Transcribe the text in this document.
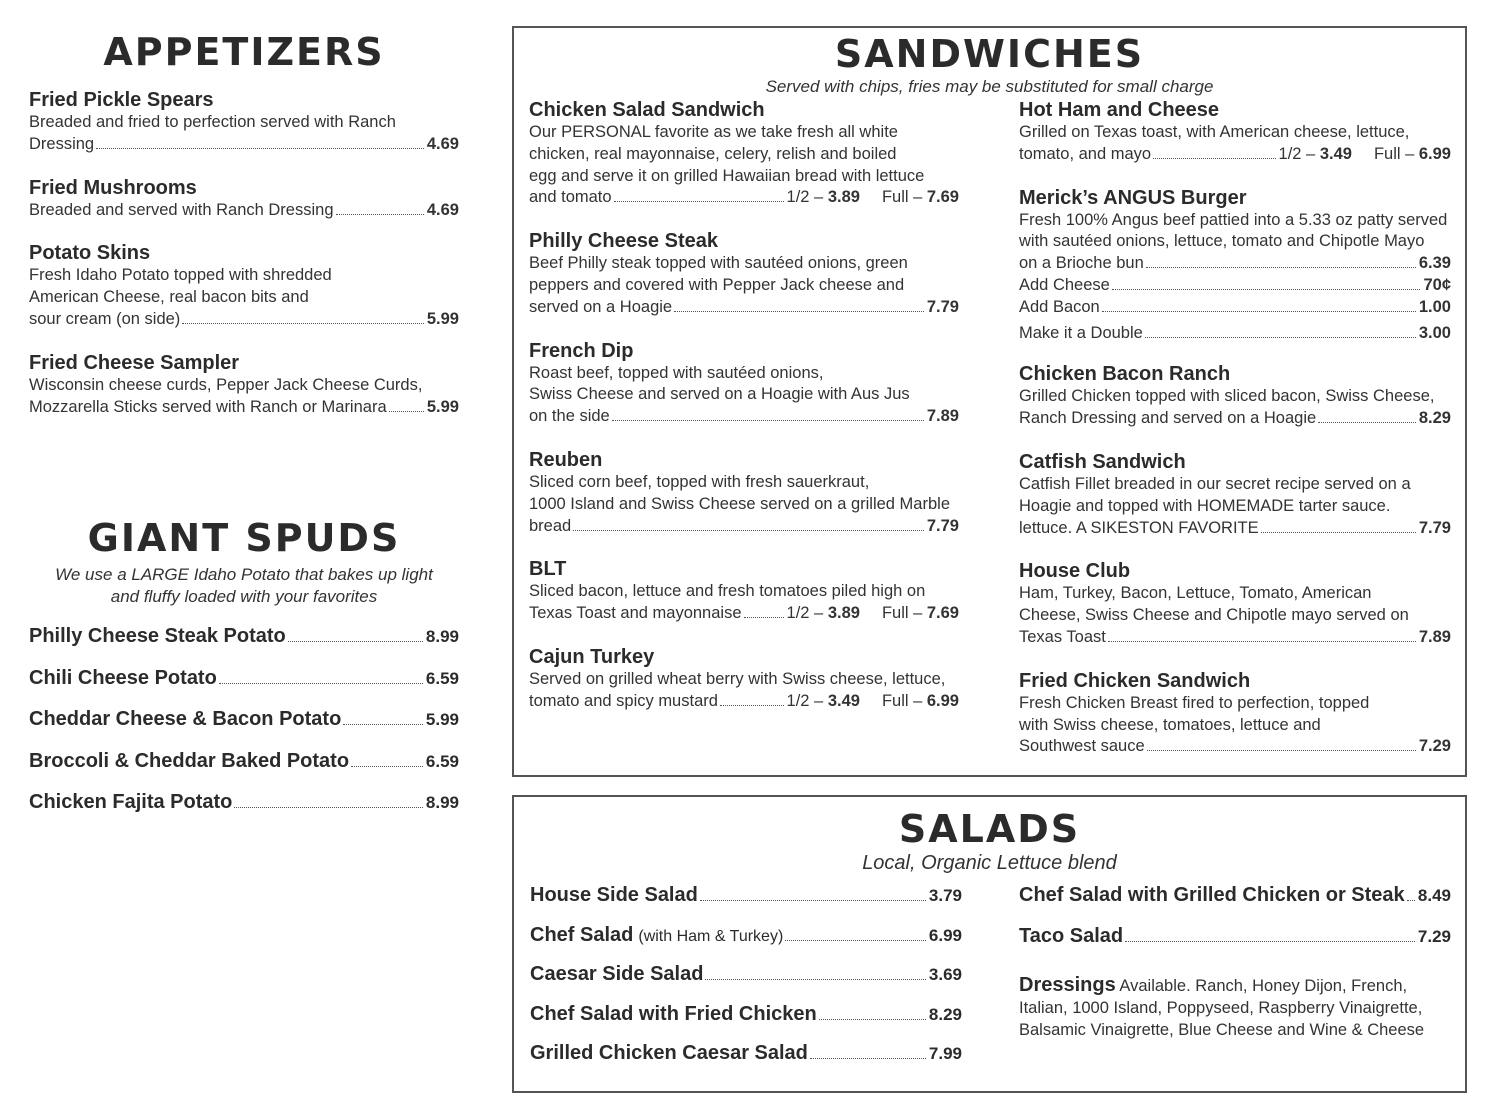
APPETIZERS
Fried Pickle Spears
Breaded and fried to perfection served with Ranch
Dressing	4.69
Fried Mushrooms
Breaded and served with Ranch Dressing	4.69
Potato Skins
Fresh Idaho Potato topped with shredded
American Cheese, real bacon bits and
sour cream (on side)	5.99
Fried Cheese Sampler
Wisconsin cheese curds, Pepper Jack Cheese Curds,
Mozzarella Sticks served with Ranch or Marinara 5.99
GIANT SPUDS
We use a LARGE Idaho Potato that bakes up light and fluffy loaded with your favorites
Philly Cheese Steak Potato	8.99
Chili Cheese Potato	6.59
Cheddar Cheese & Bacon Potato	5.99
Broccoli & Cheddar Baked Potato	6.59
Chicken Fajita Potato	8.99
SANDWICHES
Served with chips, fries may be substituted for small charge
Chicken Salad Sandwich
Our PERSONAL favorite as we take fresh all white
chicken, real mayonnaise, celery, relish and boiled
egg and serve it on grilled Hawaiian bread with lettuce
and tomato	1/2 – 3.89 Full – 7.69
Philly Cheese Steak
Beef Philly steak topped with sautéed onions, green
peppers and covered with Pepper Jack cheese and
served on a Hoagie	7.79
French Dip
Roast beef, topped with sautéed onions,
Swiss Cheese and served on a Hoagie with Aus Jus
on the side	7.89
Reuben
Sliced corn beef, topped with fresh sauerkraut,
1000 Island and Swiss Cheese served on a grilled Marble
bread	7.79
BLT
Sliced bacon, lettuce and fresh tomatoes piled high on
Texas Toast and mayonnaise	1/2 – 3.89 Full – 7.69
Cajun Turkey
Served on grilled wheat berry with Swiss cheese, lettuce,
tomato and spicy mustard	1/2 – 3.49 Full – 6.99
Hot Ham and Cheese
Grilled on Texas toast, with American cheese, lettuce,
tomato, and mayo	1/2 – 3.49 Full – 6.99
Merick’s ANGUS Burger
Fresh 100% Angus beef pattied into a 5.33 oz patty served
with sautéed onions, lettuce, tomato and Chipotle Mayo
on a Brioche bun	6.39
Add Cheese	70¢
Add Bacon	1.00
Make it a Double	3.00
Chicken Bacon Ranch
Grilled Chicken topped with sliced bacon, Swiss Cheese,
Ranch Dressing and served on a Hoagie	8.29
Catfish Sandwich
Catfish Fillet breaded in our secret recipe served on a
Hoagie and topped with HOMEMADE tarter sauce.
lettuce. A SIKESTON FAVORITE	7.79
House Club
Ham, Turkey, Bacon, Lettuce, Tomato, American
Cheese, Swiss Cheese and Chipotle mayo served on
Texas Toast	7.89
Fried Chicken Sandwich
Fresh Chicken Breast fired to perfection, topped
with Swiss cheese, tomatoes, lettuce and
Southwest sauce	7.29
SALADS
Local, Organic Lettuce blend
House Side Salad	3.79
Chef Salad (with Ham & Turkey)	6.99
Caesar Side Salad	3.69
Chef Salad with Fried Chicken	8.29
Grilled Chicken Caesar Salad	7.99
Chef Salad with Grilled Chicken or Steak 8.49
Taco Salad	7.29
Dressings Available. Ranch, Honey Dijon, French, Italian, 1000 Island, Poppyseed, Raspberry Vinaigrette, Balsamic Vinaigrette, Blue Cheese and Wine & Cheese
